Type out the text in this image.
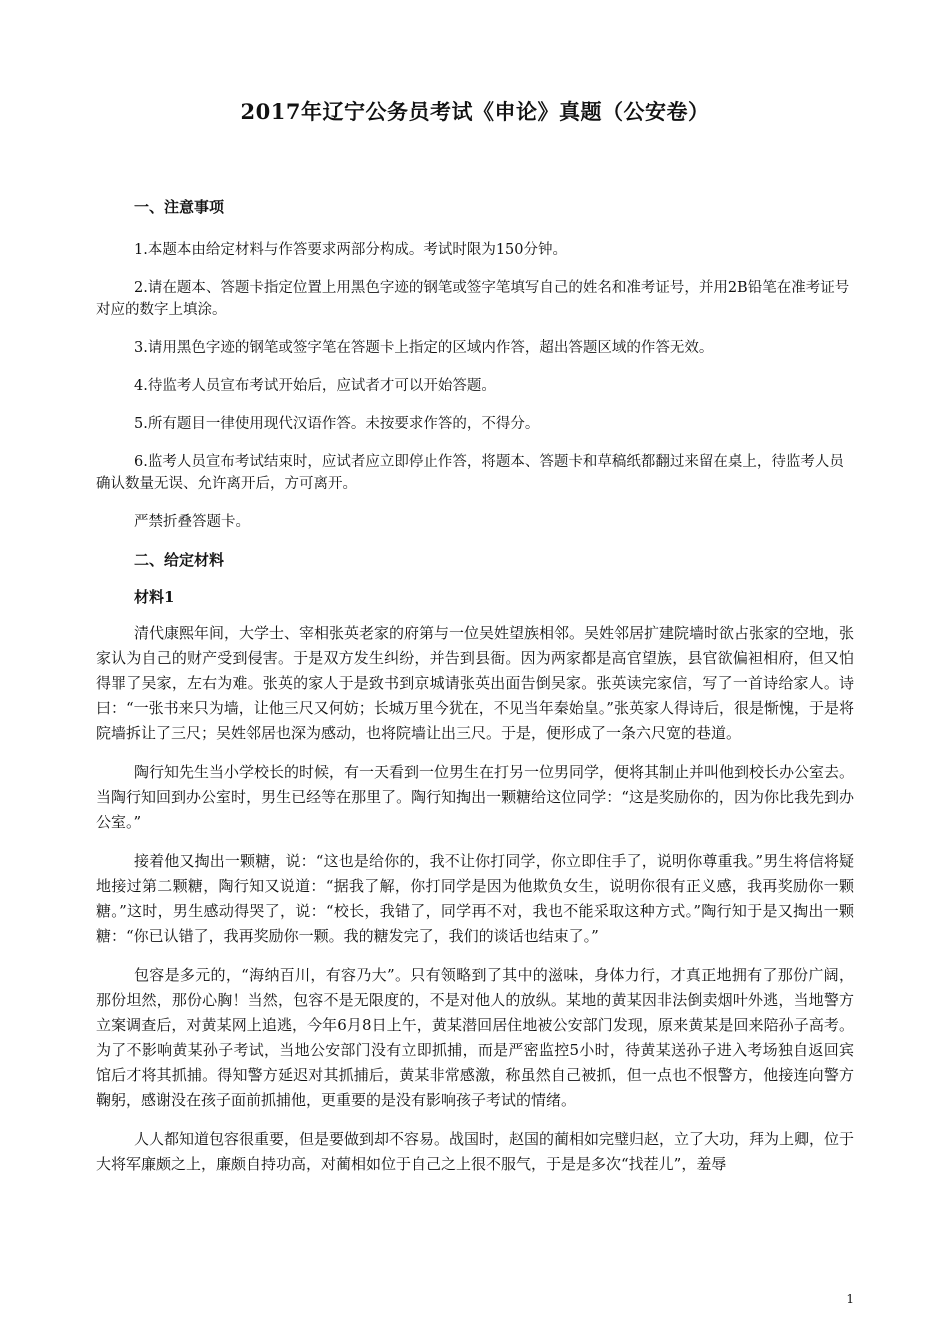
2017年辽宁公务员考试《申论》真题（公安卷）
一、注意事项

1.本题本由给定材料与作答要求两部分构成。考试时限为150分钟。

2.请在题本、答题卡指定位置上用黑色字迹的钢笔或签字笔填写自己的姓名和准考证号，并用2B铅笔在准考证号对应的数字上填涂。

3.请用黑色字迹的钢笔或签字笔在答题卡上指定的区域内作答，超出答题区域的作答无效。

4.待监考人员宣布考试开始后，应试者才可以开始答题。

5.所有题目一律使用现代汉语作答。未按要求作答的，不得分。

6.监考人员宣布考试结束时，应试者应立即停止作答，将题本、答题卡和草稿纸都翻过来留在桌上，待监考人员确认数量无误、允许离开后，方可离开。

严禁折叠答题卡。

二、给定材料
材料1

清代康熙年间，大学士、宰相张英老家的府第与一位吴姓望族相邻。吴姓邻居扩建院墙时欲占张家的空地，张家认为自己的财产受到侵害。于是双方发生纠纷，并告到县衙。因为两家都是高官望族，县官欲偏袒相府，但又怕得罪了吴家，左右为难。张英的家人于是致书到京城请张英出面告倒吴家。张英读完家信，写了一首诗给家人。诗曰：“一张书来只为墙，让他三尺又何妨；长城万里今犹在，不见当年秦始皇。”张英家人得诗后，很是惭愧，于是将院墙拆让了三尺；吴姓邻居也深为感动，也将院墙让出三尺。于是，便形成了一条六尺宽的巷道。

陶行知先生当小学校长的时候，有一天看到一位男生在打另一位男同学，便将其制止并叫他到校长办公室去。当陶行知回到办公室时，男生已经等在那里了。陶行知掏出一颗糖给这位同学：“这是奖励你的，因为你比我先到办公室。”

接着他又掏出一颗糖，说：“这也是给你的，我不让你打同学，你立即住手了，说明你尊重我。”男生将信将疑地接过第二颗糖，陶行知又说道：“据我了解，你打同学是因为他欺负女生，说明你很有正义感，我再奖励你一颗糖。”这时，男生感动得哭了，说：“校长，我错了，同学再不对，我也不能采取这种方式。”陶行知于是又掏出一颗糖：“你已认错了，我再奖励你一颗。我的糖发完了，我们的谈话也结束了。”

包容是多元的，“海纳百川，有容乃大”。只有领略到了其中的滋味，身体力行，才真正地拥有了那份广阔，那份坦然，那份心胸！当然，包容不是无限度的，不是对他人的放纵。某地的黄某因非法倒卖烟叶外逃，当地警方立案调查后，对黄某网上追逃，今年6月8日上午，黄某潜回居住地被公安部门发现，原来黄某是回来陪孙子高考。为了不影响黄某孙子考试，当地公安部门没有立即抓捕，而是严密监控5小时，待黄某送孙子进入考场独自返回宾馆后才将其抓捕。得知警方延迟对其抓捕后，黄某非常感激，称虽然自己被抓，但一点也不恨警方，他接连向警方鞠躬，感谢没在孩子面前抓捕他，更重要的是没有影响孩子考试的情绪。

人人都知道包容很重要，但是要做到却不容易。战国时，赵国的蔺相如完璧归赵，立了大功，拜为上卿，位于大将军廉颇之上，廉颇自持功高，对蔺相如位于自己之上很不服气，于是是多次“找茬儿”，羞辱

1
